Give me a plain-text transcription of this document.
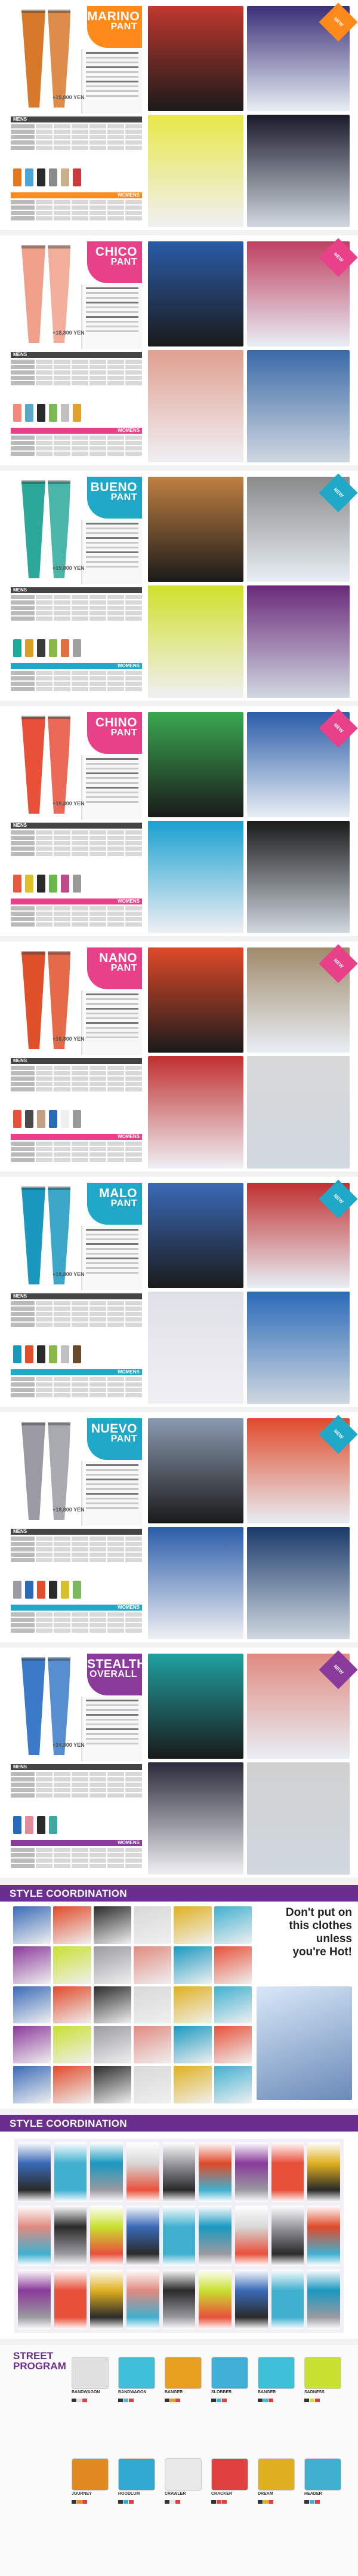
MARINO
PANT
+19,800 YEN
MENS
WOMENS
NEW
CHICO
PANT
+18,800 YEN
MENS
WOMENS
NEW
BUENO
PANT
+19,800 YEN
MENS
WOMENS
NEW
CHINO
PANT
+18,800 YEN
MENS
WOMENS
NEW
NANO
PANT
+16,800 YEN
MENS
WOMENS
NEW
MALO
PANT
+18,800 YEN
MENS
WOMENS
NEW
NUEVO
PANT
+18,800 YEN
MENS
WOMENS
NEW
STEALTH
OVERALL
+24,800 YEN
MENS
WOMENS
NEW
STYLE COORDINATION
Don't put on
this clothes
unless
you're Hot!
STYLE COORDINATION
STREET
PROGRAM
BANDWAGON	BANDWAGON	BANGER	SLOBBER	BANGER	SADNESS
JOURNEY	HOODLUM	CRAWLER	CRACKER	DREAM	HEADER
